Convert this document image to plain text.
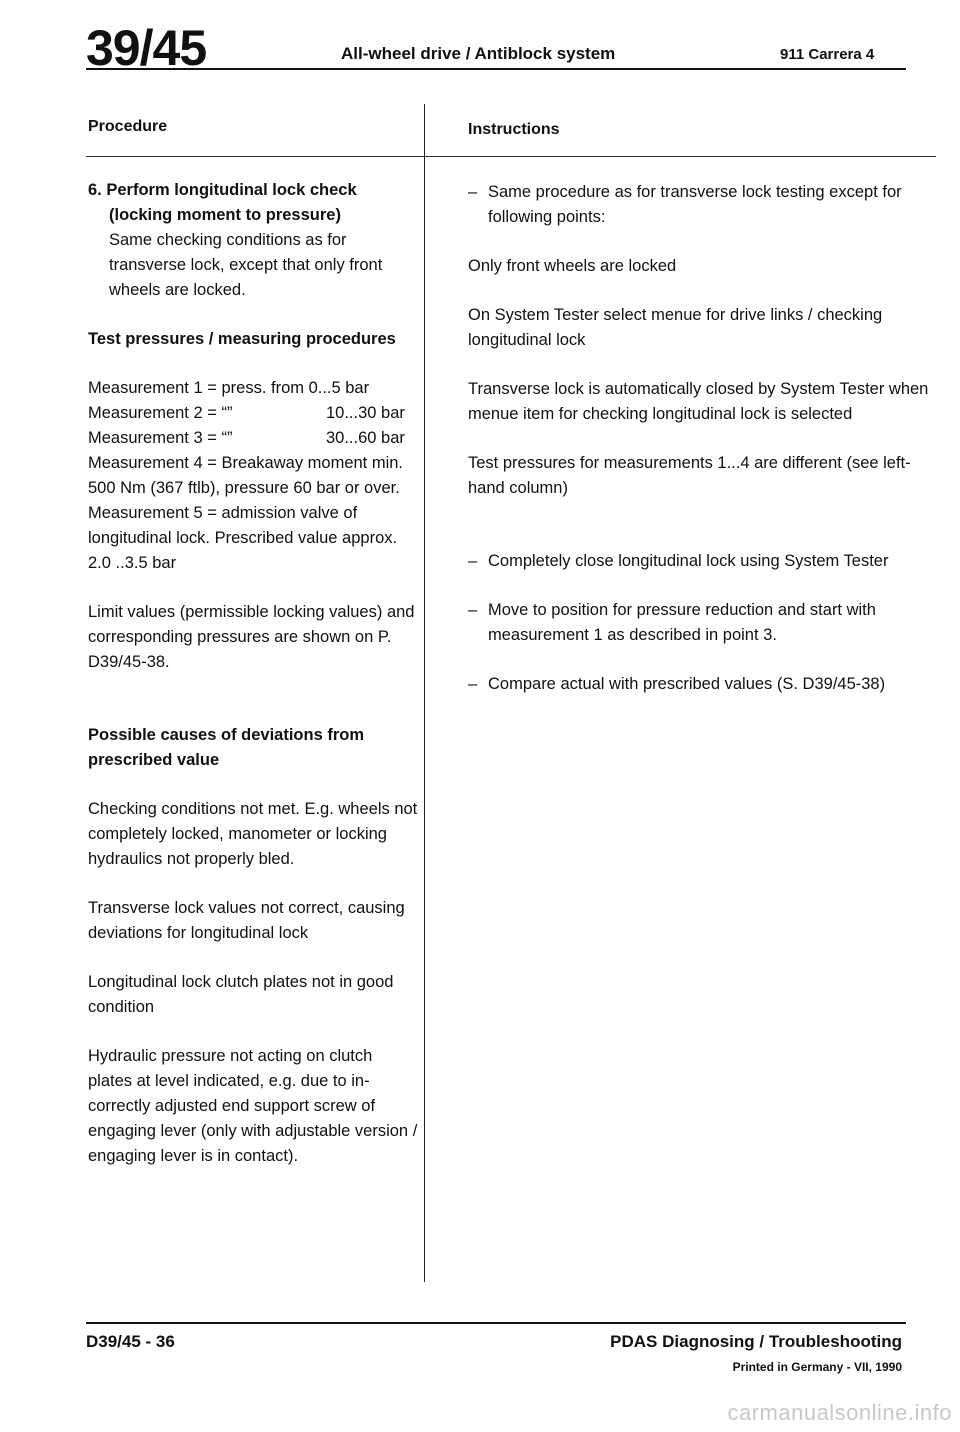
39/45	All-wheel drive / Antiblock system	911 Carrera 4
Procedure	Instructions

6. Perform longitudinal lock check

(locking moment to pressure)

Same checking conditions as for transverse lock, except that only front wheels are locked.

Test pressures / measuring procedures

Measurement 1
=
press. from 0...5 bar
Measurement 2 = “”	10...30 bar
Measurement 3 = “”	30...60 bar

Measurement 4 = Breakaway moment min. 500 Nm (367 ftlb), pressure 60 bar or over.

Measurement 5 = admission valve of longitudinal lock. Prescribed value approx. 2.0 ..3.5 bar

Limit values (permissible locking values) and corresponding pressures are shown on P. D39/45-38.

Possible causes of deviations from prescribed value

Checking conditions not met. E.g. wheels not completely locked, manometer or locking hydraulics not properly bled.

Transverse lock values not correct, causing deviations for longitudinal lock

Longitudinal lock clutch plates not in good condition

Hydraulic pressure not acting on clutch plates at level indicated, e.g. due to in-correctly adjusted end support screw of engaging lever (only with adjustable version / engaging lever is in contact).

– Same procedure as for transverse lock testing except for following points:

Only front wheels are locked

On System Tester select menue for drive links / checking longitudinal lock

Transverse lock is automatically closed by System Tester when menue item for checking longitudinal lock is selected

Test pressures for measurements 1...4 are different (see left-hand column)

– Completely close longitudinal lock using System Tester
– Move to position for pressure reduction and start with measurement 1 as described in point 3.
– Compare actual with prescribed values (S. D39/45-38)
D39/45 - 36	PDAS Diagnosing / Troubleshooting
Printed in Germany - VII, 1990
carmanualsonline.info
